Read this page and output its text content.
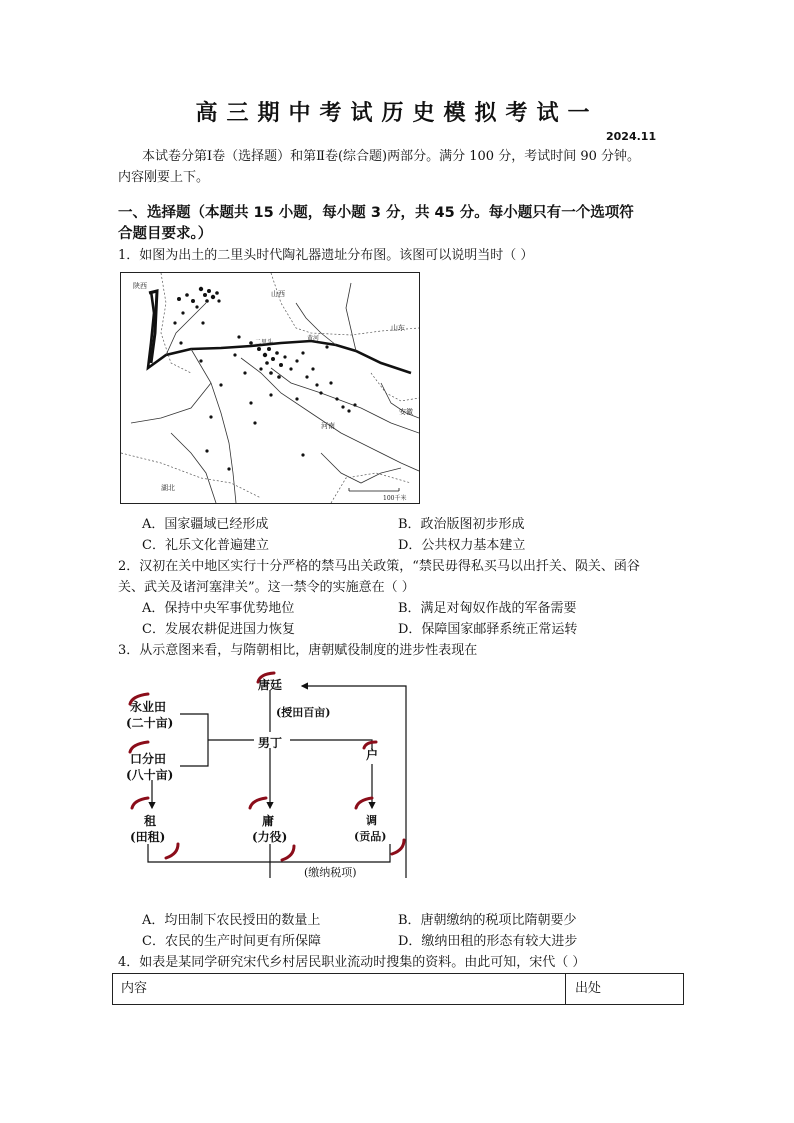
高三期中考试历史模拟考试一
2024.11
本试卷分第Ⅰ卷（选择题）和第Ⅱ卷(综合题)两部分。满分 100 分，考试时间 90 分钟。
内容刚要上下。
一、选择题（本题共 15 小题，每小题 3 分，共 45 分。每小题只有一个选项符
合题目要求。）
1．如图为出土的二里头时代陶礼器遗址分布图。该图可以说明当时（ ）
陕西
山西
山东
二里头
黄河
河南
安徽
湖北
100千米
A．国家疆域已经形成	B．政治版图初步形成
C．礼乐文化普遍建立	D．公共权力基本建立
2．汉初在关中地区实行十分严格的禁马出关政策，“禁民毋得私买马以出扦关、陨关、函谷
关、武关及诸河塞津关”。这一禁令的实施意在（ ）
A．保持中央军事优势地位	B．满足对匈奴作战的军备需要
C．发展农耕促进国力恢复	D．保障国家邮驿系统正常运转
3．从示意图来看，与隋朝相比，唐朝赋役制度的进步性表现在
唐廷
(授田百亩)
永业田
(二十亩)
口分田
(八十亩)
男丁
户
租
(田租)
庸
(力役)
调
(贡品)
(缴纳税项)
A．均田制下农民授田的数量上	B．唐朝缴纳的税项比隋朝要少
C．农民的生产时间更有所保障	D．缴纳田租的形态有较大进步
4．如表是某同学研究宋代乡村居民职业流动时搜集的资料。由此可知，宋代（ ）
内容	出处
